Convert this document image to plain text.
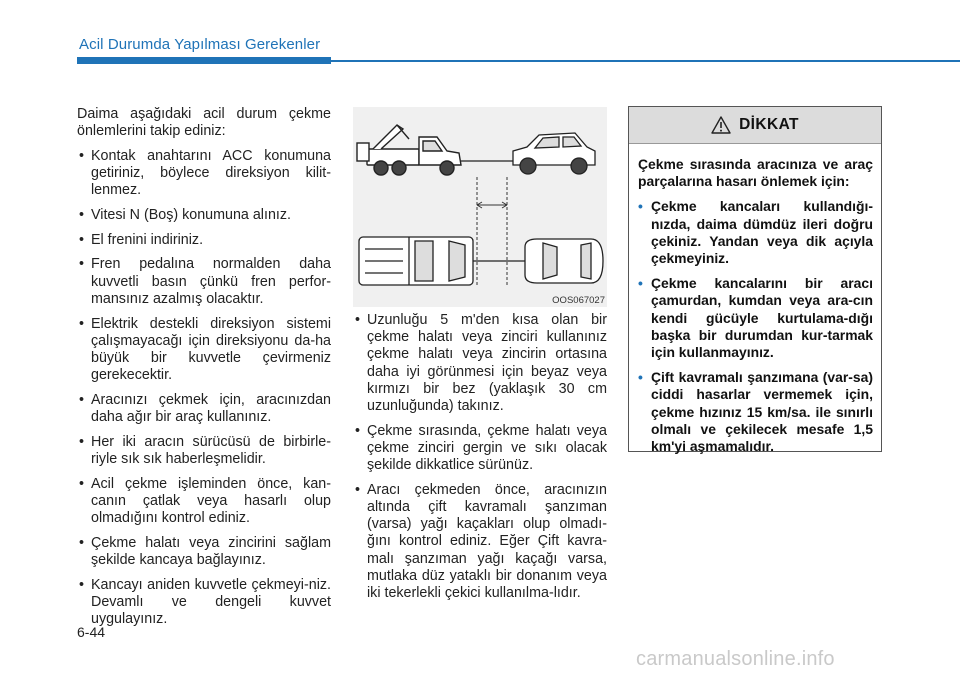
Acil Durumda Yapılması Gerekenler

Daima aşağıdaki acil durum çekme önlemlerini takip ediniz:

• Kontak anahtarını ACC konumuna getiriniz, böylece direksiyon kilit-lenmez.
• Vitesi N (Boş) konumuna alınız.
• El frenini indiriniz.
• Fren pedalına normalden daha kuvvetli basın çünkü fren perfor-mansınız azalmış olacaktır.
• Elektrik destekli direksiyon sistemi çalışmayacağı için direksiyonu da-ha büyük bir kuvvetle çevirmeniz gerekecektir.
• Aracınızı çekmek için, aracınızdan daha ağır bir araç kullanınız.
• Her iki aracın sürücüsü de birbirle-riyle sık sık haberleşmelidir.
• Acil çekme işleminden önce, kan-canın çatlak veya hasarlı olup olmadığını kontrol ediniz.
• Çekme halatı veya zincirini sağlam şekilde kancaya bağlayınız.
• Kancayı aniden kuvvetle çekmeyi-niz. Devamlı ve dengeli kuvvet uygulayınız.
OOS067027
• Uzunluğu 5 m'den kısa olan bir çekme halatı veya zinciri kullanınız çekme halatı veya zincirin ortasına daha iyi görünmesi için beyaz veya kırmızı bir bez (yaklaşık 30 cm uzunluğunda) takınız.
• Çekme sırasında, çekme halatı veya çekme zinciri gergin ve sıkı olacak şekilde dikkatlice sürünüz.
• Aracı çekmeden önce, aracınızın altında çift kavramalı şanzıman (varsa) yağı kaçakları olup olmadı-ğını kontrol ediniz. Eğer Çift kavra-malı şanzıman yağı kaçağı varsa, mutlaka düz yataklı bir donanım veya iki tekerlekli çekici kullanılma-lıdır.
DİKKAT

Çekme sırasında aracınıza ve araç parçalarına hasarı önlemek için:

• Çekme kancaları kullandığı-nızda, daima dümdüz ileri doğru çekiniz. Yandan veya dik açıyla çekmeyiniz.
• Çekme kancalarını bir aracı çamurdan, kumdan veya ara-cın kendi gücüyle kurtulama-dığı başka bir durumdan kur-tarmak için kullanmayınız.
• Çift kavramalı şanzımana (var-sa) ciddi hasarlar vermemek için, çekme hızınız 15 km/sa. ile sınırlı olmalı ve çekilecek mesafe 1,5 km'yi aşmamalıdır.
6-44
carmanualsonline.info
